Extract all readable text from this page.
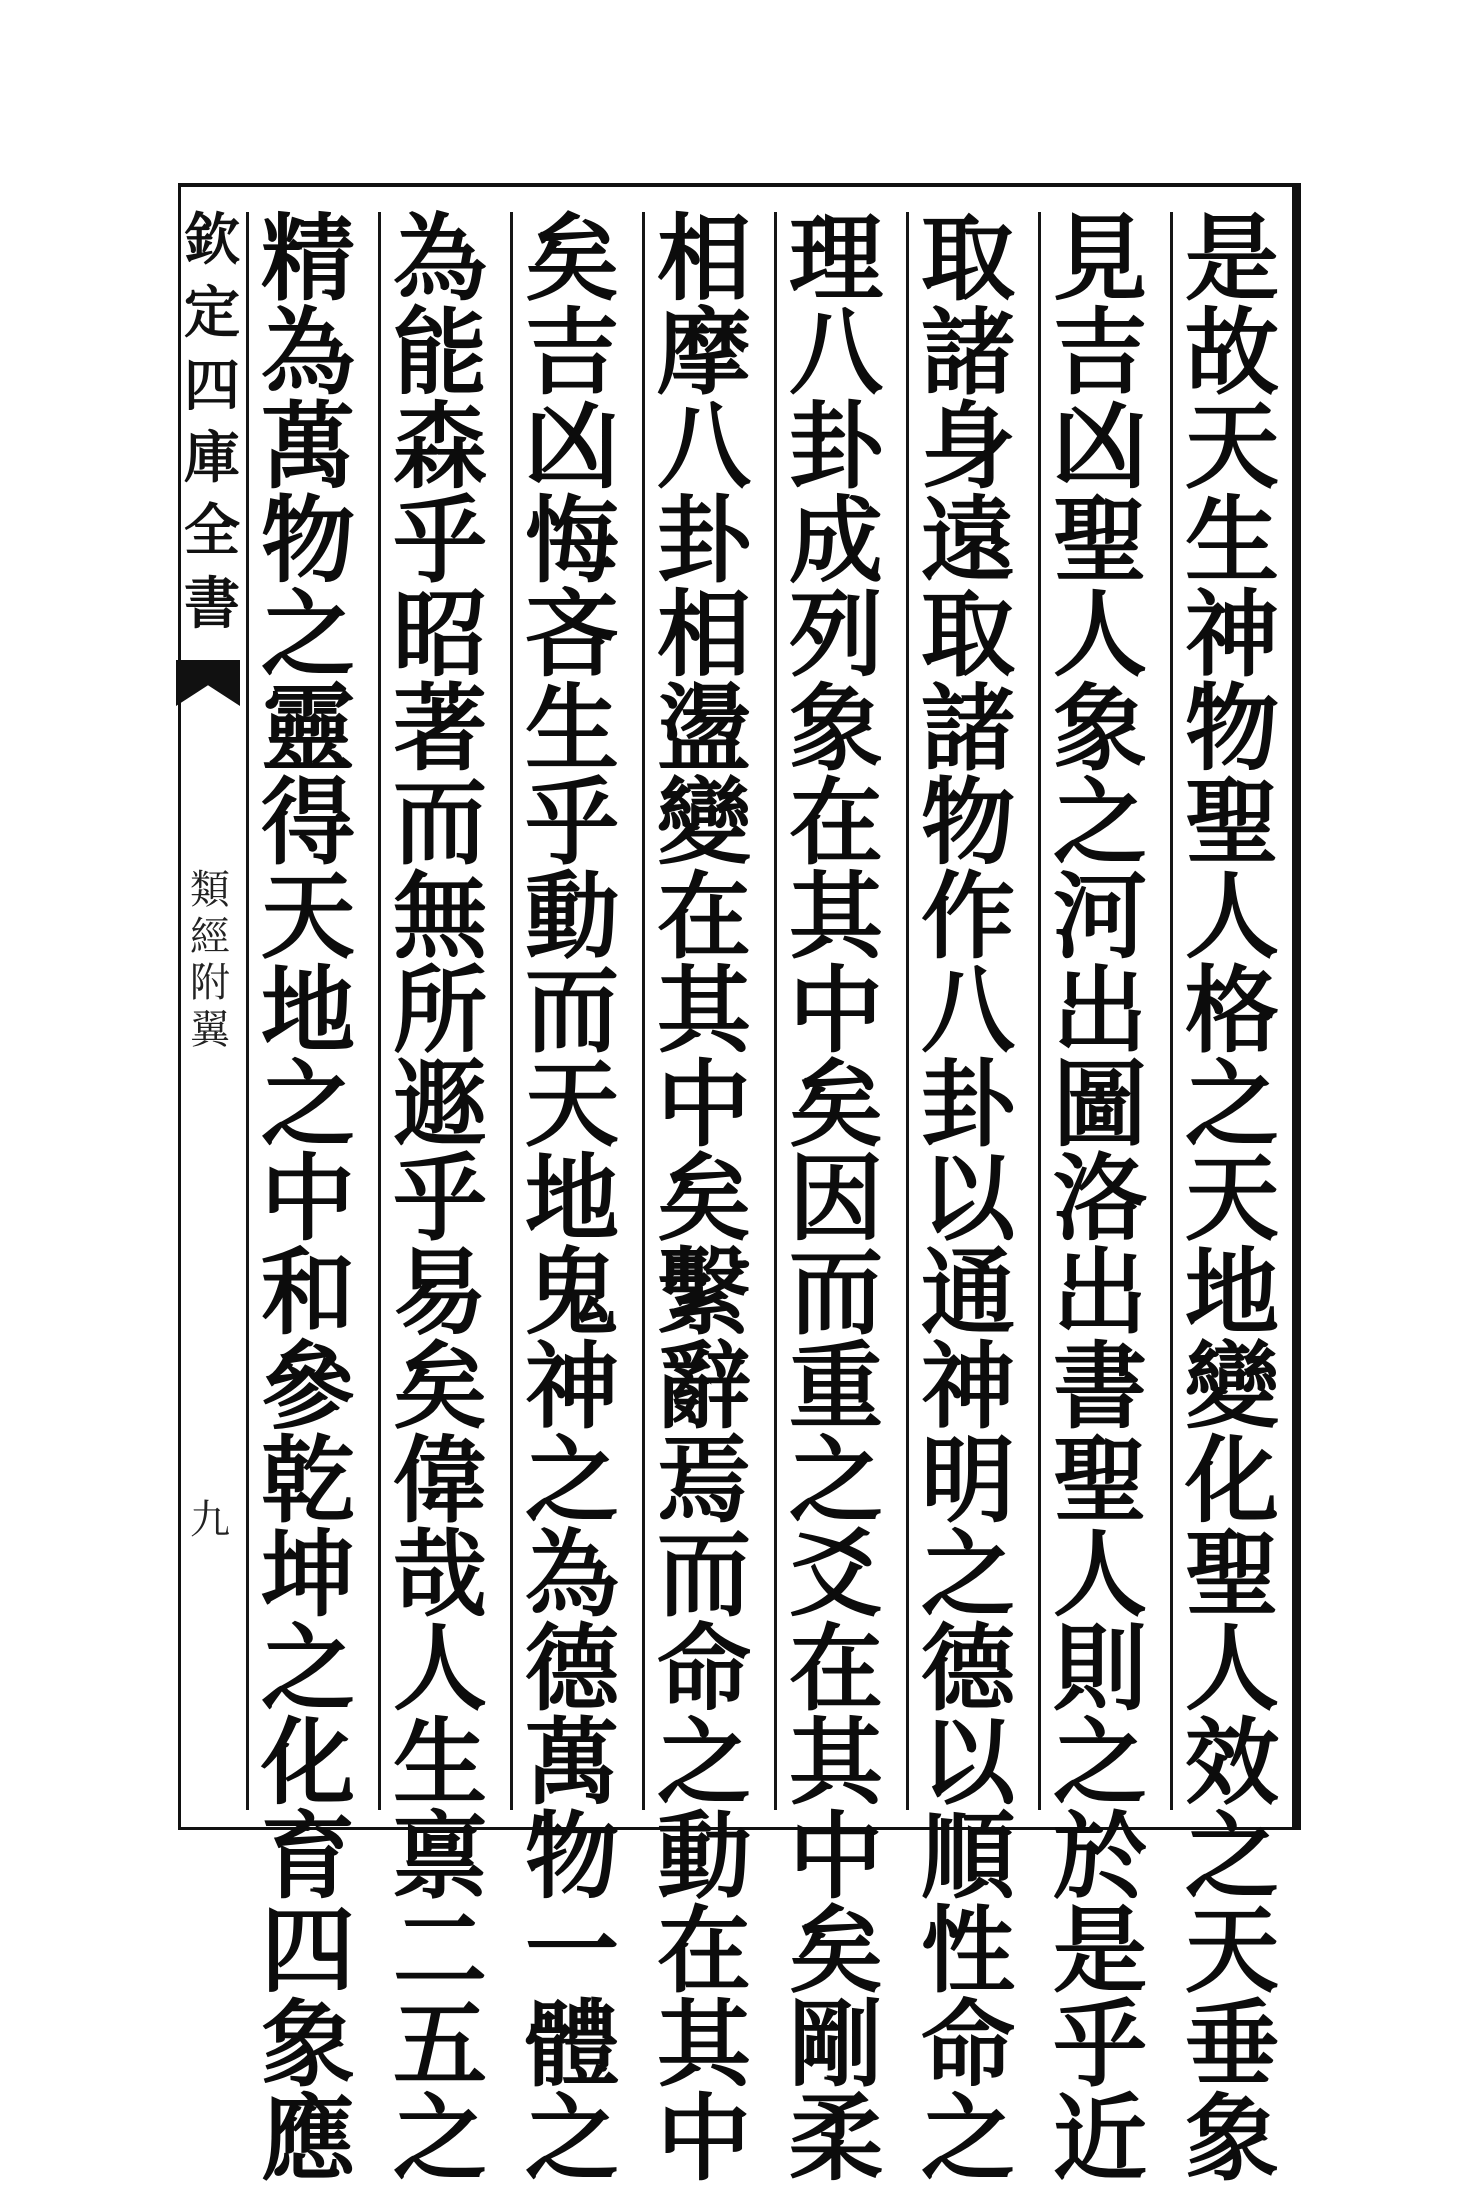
欽
定
四
庫
全
書
類
經
附
翼
九
是
故
天
生
神
物
聖
人
格
之
天
地
變
化
聖
人
效
之
天
垂
象
見
吉
凶
聖
人
象
之
河
出
圖
洛
出
書
聖
人
則
之
於
是
乎
近
取
諸
身
遠
取
諸
物
作
八
卦
以
通
神
明
之
德
以
順
性
命
之
理
八
卦
成
列
象
在
其
中
矣
因
而
重
之
爻
在
其
中
矣
剛
柔
相
摩
八
卦
相
盪
變
在
其
中
矣
繫
辭
焉
而
命
之
動
在
其
中
矣
吉
凶
悔
吝
生
乎
動
而
天
地
鬼
神
之
為
德
萬
物
一
體
之
為
能
森
乎
昭
著
而
無
所
遯
乎
易
矣
偉
哉
人
生
禀
二
五
之
精
為
萬
物
之
靈
得
天
地
之
中
和
參
乾
坤
之
化
育
四
象
應
